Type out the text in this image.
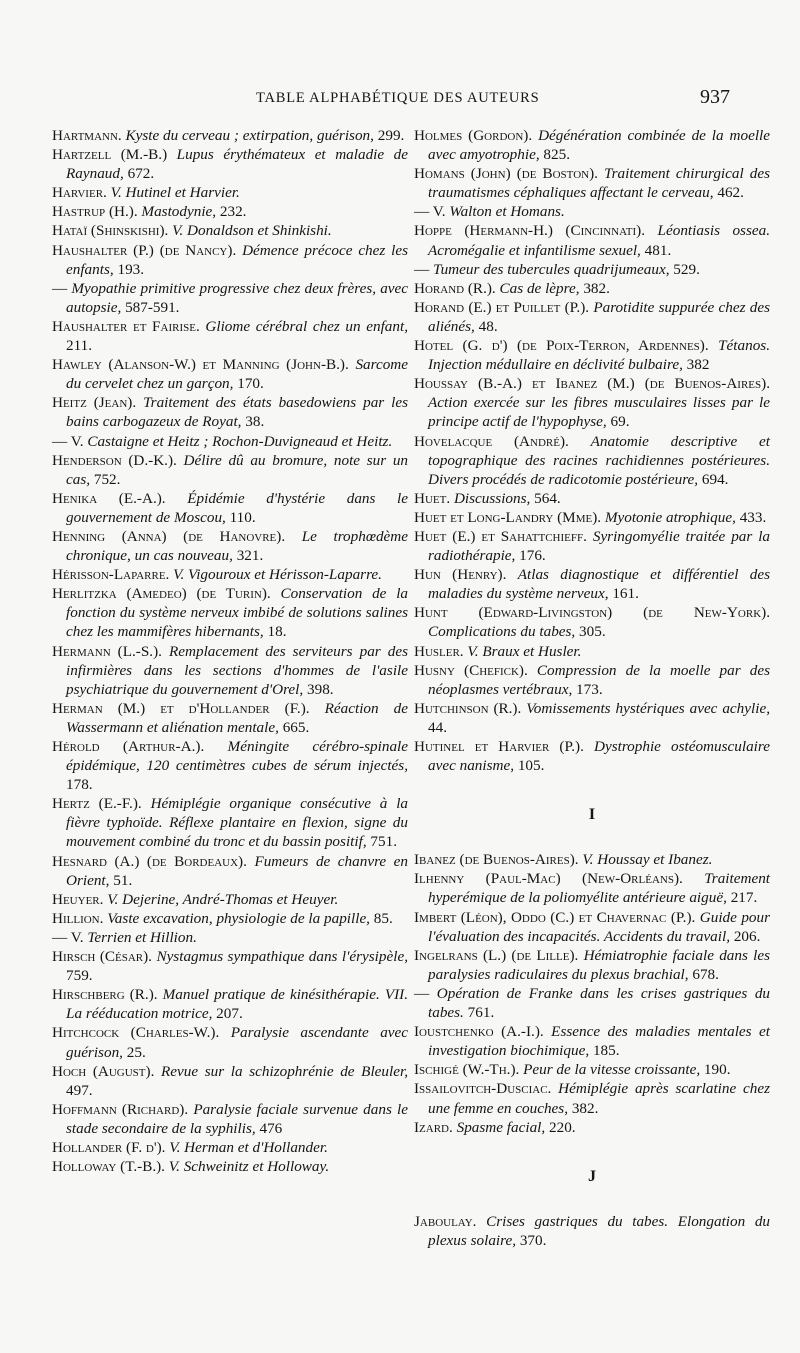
TABLE ALPHABÉTIQUE DES AUTEURS	937

Hartmann. Kyste du cerveau ; extirpation, guérison, 299.

Hartzell (M.-B.) Lupus érythémateux et maladie de Raynaud, 672.

Harvier. V. Hutinel et Harvier.

Hastrup (H.). Mastodynie, 232.

Hataï (Shinskishi). V. Donaldson et Shinkishi.

Haushalter (P.) (de Nancy). Démence précoce chez les enfants, 193.

— Myopathie primitive progressive chez deux frères, avec autopsie, 587-591.

Haushalter et Fairise. Gliome cérébral chez un enfant, 211.

Hawley (Alanson-W.) et Manning (John-B.). Sarcome du cervelet chez un garçon, 170.

Heitz (Jean). Traitement des états basedowiens par les bains carbogazeux de Royat, 38.

— V. Castaigne et Heitz ; Rochon-Duvigneaud et Heitz.

Henderson (D.-K.). Délire dû au bromure, note sur un cas, 752.

Henika (E.-A.). Épidémie d'hystérie dans le gouvernement de Moscou, 110.

Henning (Anna) (de Hanovre). Le trophœdème chronique, un cas nouveau, 321.

Hérisson-Laparre. V. Vigouroux et Hérisson-Laparre.

Herlitzka (Amedeo) (de Turin). Conservation de la fonction du système nerveux imbibé de solutions salines chez les mammifères hibernants, 18.

Hermann (L.-S.). Remplacement des serviteurs par des infirmières dans les sections d'hommes de l'asile psychiatrique du gouvernement d'Orel, 398.

Herman (M.) et d'Hollander (F.). Réaction de Wassermann et aliénation mentale, 665.

Hérold (Arthur-A.). Méningite cérébro-spinale épidémique, 120 centimètres cubes de sérum injectés, 178.

Hertz (E.-F.). Hémiplégie organique consécutive à la fièvre typhoïde. Réflexe plantaire en flexion, signe du mouvement combiné du tronc et du bassin positif, 751.

Hesnard (A.) (de Bordeaux). Fumeurs de chanvre en Orient, 51.

Heuyer. V. Dejerine, André-Thomas et Heuyer.

Hillion. Vaste excavation, physiologie de la papille, 85.

— V. Terrien et Hillion.

Hirsch (César). Nystagmus sympathique dans l'érysipèle, 759.

Hirschberg (R.). Manuel pratique de kinésithérapie. VII. La rééducation motrice, 207.

Hitchcock (Charles-W.). Paralysie ascendante avec guérison, 25.

Hoch (August). Revue sur la schizophrénie de Bleuler, 497.

Hoffmann (Richard). Paralysie faciale survenue dans le stade secondaire de la syphilis, 476

Hollander (F. d'). V. Herman et d'Hollander.

Holloway (T.-B.). V. Schweinitz et Holloway.

Holmes (Gordon). Dégénération combinée de la moelle avec amyotrophie, 825.

Homans (John) (de Boston). Traitement chirurgical des traumatismes céphaliques affectant le cerveau, 462.

— V. Walton et Homans.

Hoppe (Hermann-H.) (Cincinnati). Léontiasis ossea. Acromégalie et infantilisme sexuel, 481.

— Tumeur des tubercules quadrijumeaux, 529.

Horand (R.). Cas de lèpre, 382.

Horand (E.) et Puillet (P.). Parotidite suppurée chez des aliénés, 48.

Hotel (G. d') (de Poix-Terron, Ardennes). Tétanos. Injection médullaire en déclivité bulbaire, 382

Houssay (B.-A.) et Ibanez (M.) (de Buenos-Aires). Action exercée sur les fibres musculaires lisses par le principe actif de l'hypophyse, 69.

Hovelacque (André). Anatomie descriptive et topographique des racines rachidiennes postérieures. Divers procédés de radicotomie postérieure, 694.

Huet. Discussions, 564.

Huet et Long-Landry (Mme). Myotonie atrophique, 433.

Huet (E.) et Sahattchieff. Syringomyélie traitée par la radiothérapie, 176.

Hun (Henry). Atlas diagnostique et différentiel des maladies du système nerveux, 161.

Hunt (Edward-Livingston) (de New-York). Complications du tabes, 305.

Husler. V. Braux et Husler.

Husny (Chefick). Compression de la moelle par des néoplasmes vertébraux, 173.

Hutchinson (R.). Vomissements hystériques avec achylie, 44.

Hutinel et Harvier (P.). Dystrophie ostéomusculaire avec nanisme, 105.

I

Ibanez (de Buenos-Aires). V. Houssay et Ibanez.

Ilhenny (Paul-Mac) (New-Orléans). Traitement hyperémique de la poliomyélite antérieure aiguë, 217.

Imbert (Léon), Oddo (C.) et Chavernac (P.). Guide pour l'évaluation des incapacités. Accidents du travail, 206.

Ingelrans (L.) (de Lille). Hémiatrophie faciale dans les paralysies radiculaires du plexus brachial, 678.

— Opération de Franke dans les crises gastriques du tabes. 761.

Ioustchenko (A.-I.). Essence des maladies mentales et investigation biochimique, 185.

Ischigé (W.-Th.). Peur de la vitesse croissante, 190.

Issailovitch-Dusciac. Hémiplégie après scarlatine chez une femme en couches, 382.

Izard. Spasme facial, 220.

J

Jaboulay. Crises gastriques du tabes. Elongation du plexus solaire, 370.
